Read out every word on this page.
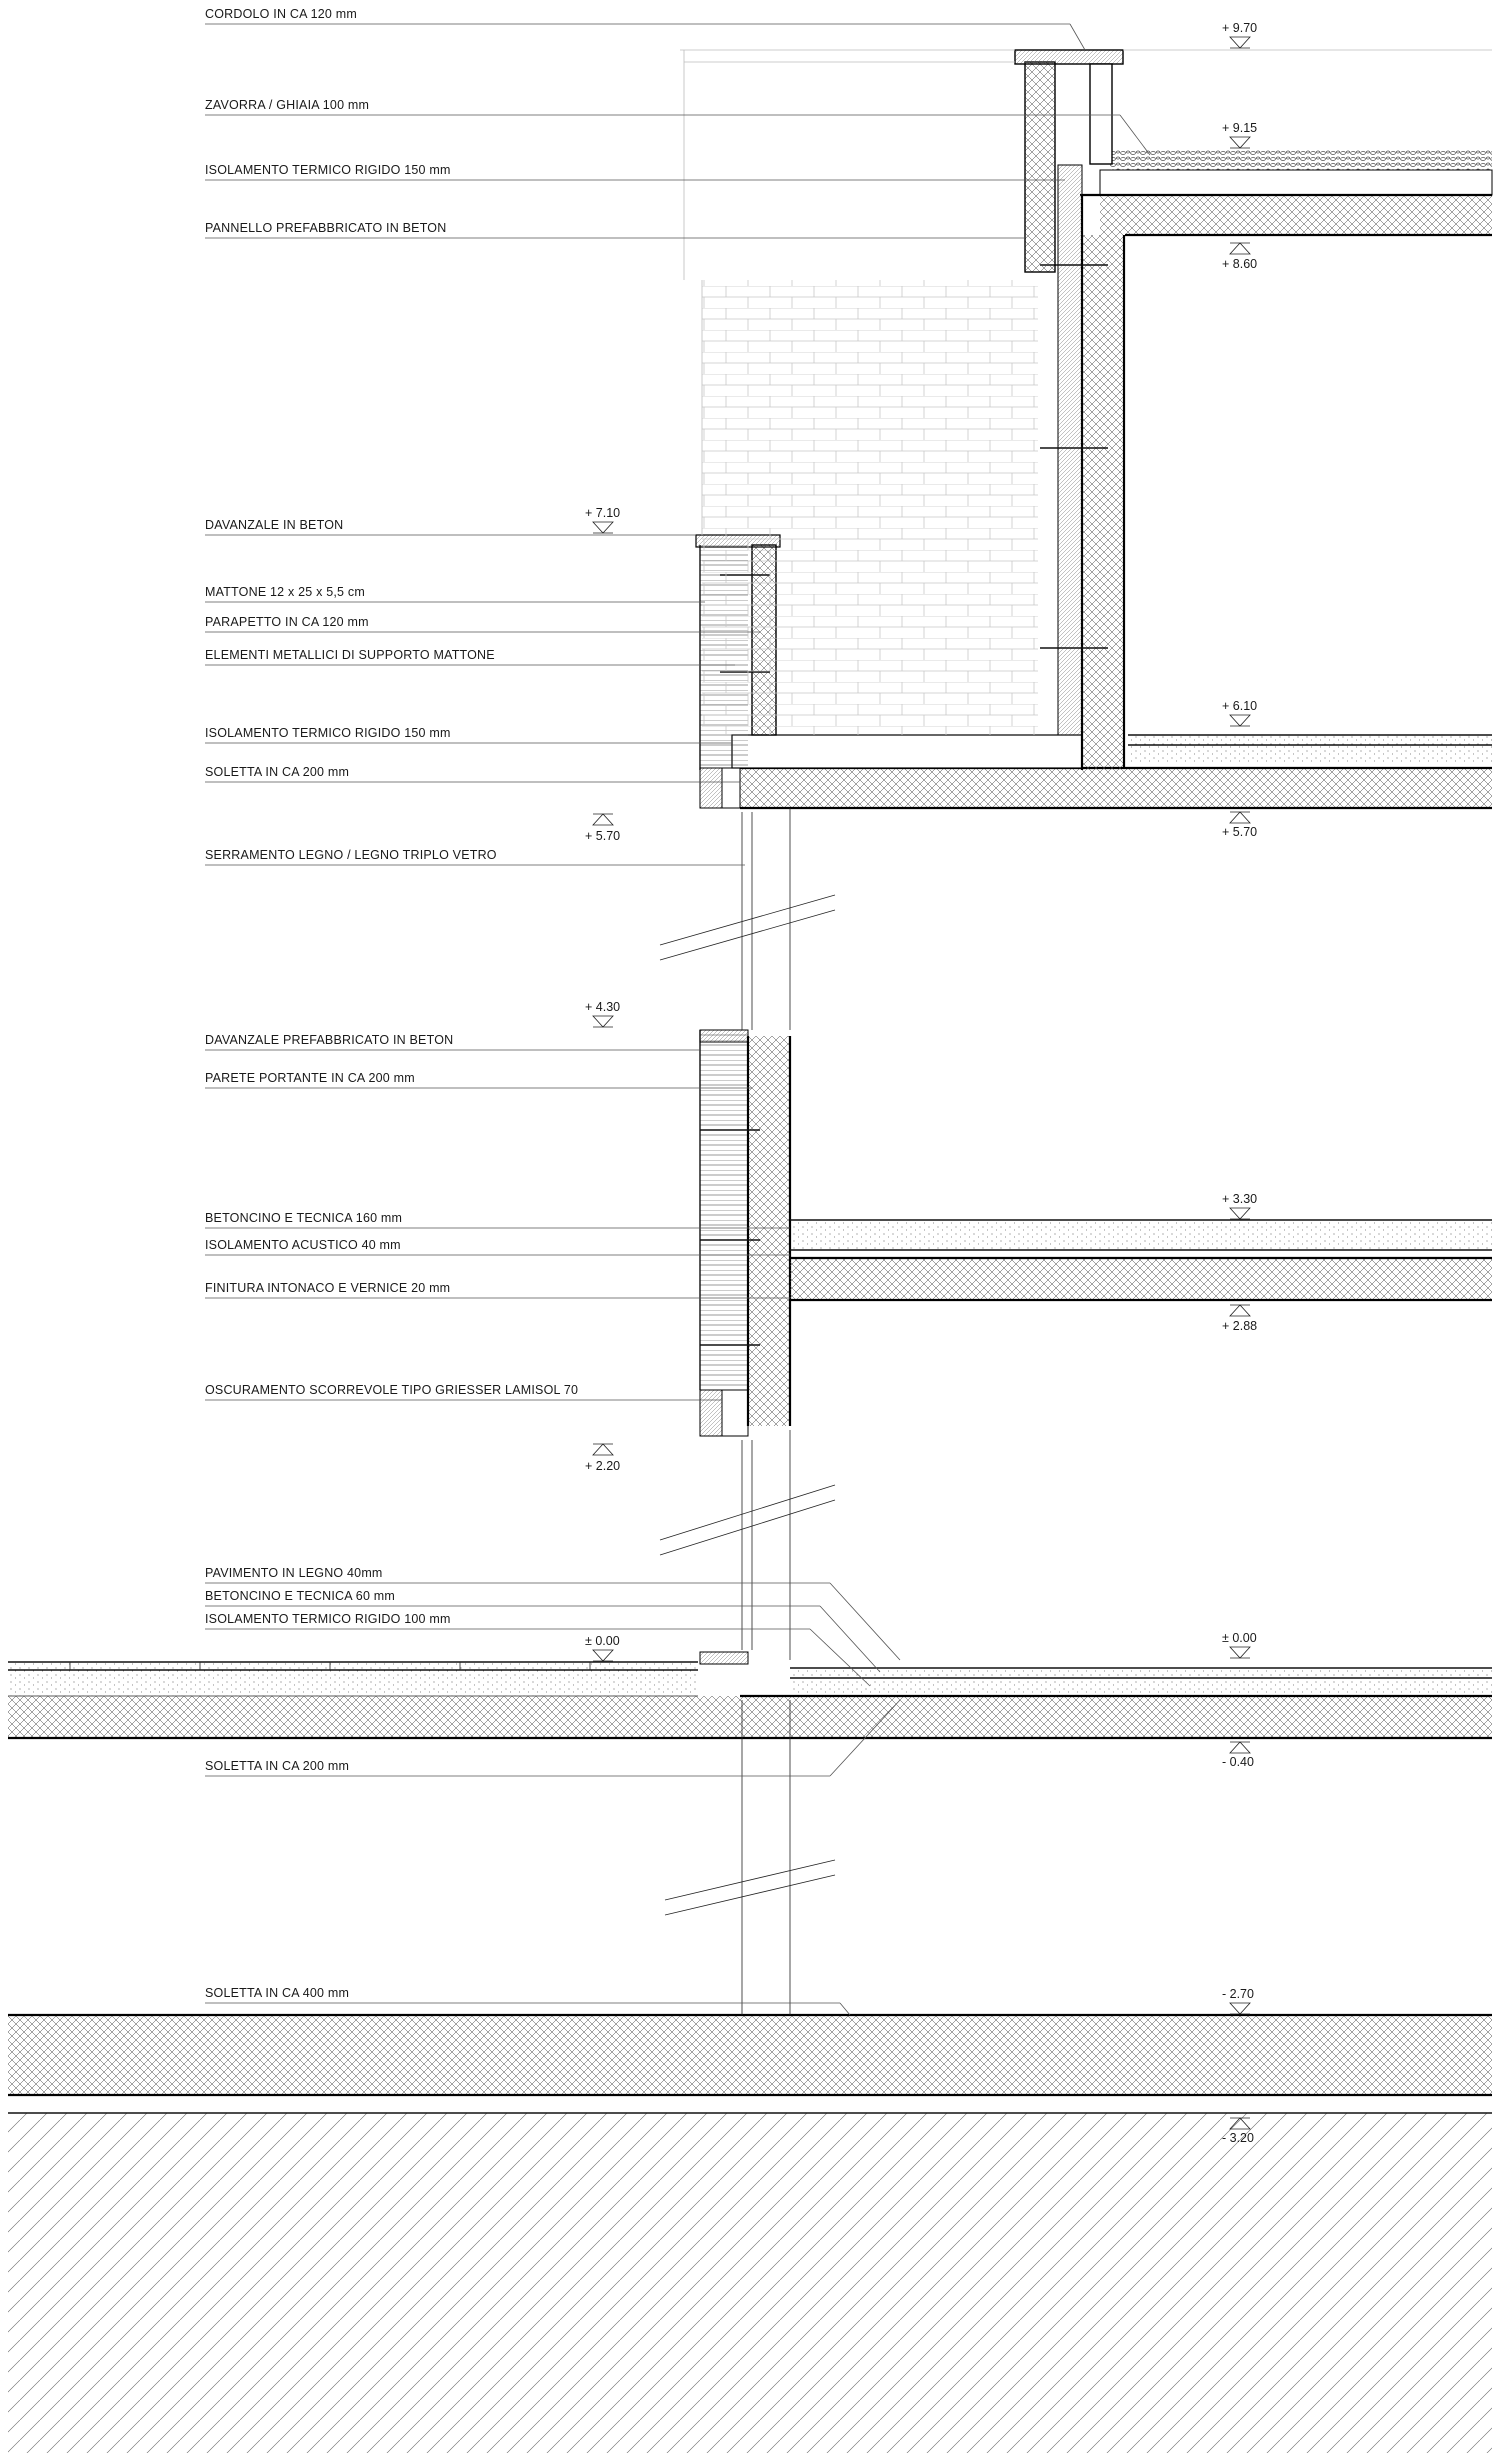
CORDOLO IN CA 120 mm
ZAVORRA / GHIAIA 100 mm
ISOLAMENTO TERMICO RIGIDO 150 mm
PANNELLO PREFABBRICATO IN BETON
DAVANZALE IN BETON
MATTONE 12 x 25 x 5,5 cm
PARAPETTO IN CA 120 mm
ELEMENTI METALLICI DI SUPPORTO MATTONE
ISOLAMENTO TERMICO RIGIDO 150 mm
SOLETTA IN CA 200 mm
SERRAMENTO LEGNO / LEGNO TRIPLO VETRO
DAVANZALE PREFABBRICATO IN BETON
PARETE PORTANTE IN CA 200 mm
BETONCINO E TECNICA 160 mm
ISOLAMENTO ACUSTICO 40 mm
FINITURA INTONACO E VERNICE 20 mm
OSCURAMENTO SCORREVOLE TIPO GRIESSER LAMISOL 70
PAVIMENTO IN LEGNO 40mm
BETONCINO E TECNICA 60 mm
ISOLAMENTO TERMICO RIGIDO 100 mm
SOLETTA IN CA 200 mm
SOLETTA IN CA 400 mm
+ 9.70
+ 9.15
+ 7.10
+ 6.10
+ 4.30
+ 3.30
± 0.00	± 0.00
- 2.70
+ 8.60
+ 5.70	+ 5.70
+ 2.88
+ 2.20
- 0.40
- 3.20
